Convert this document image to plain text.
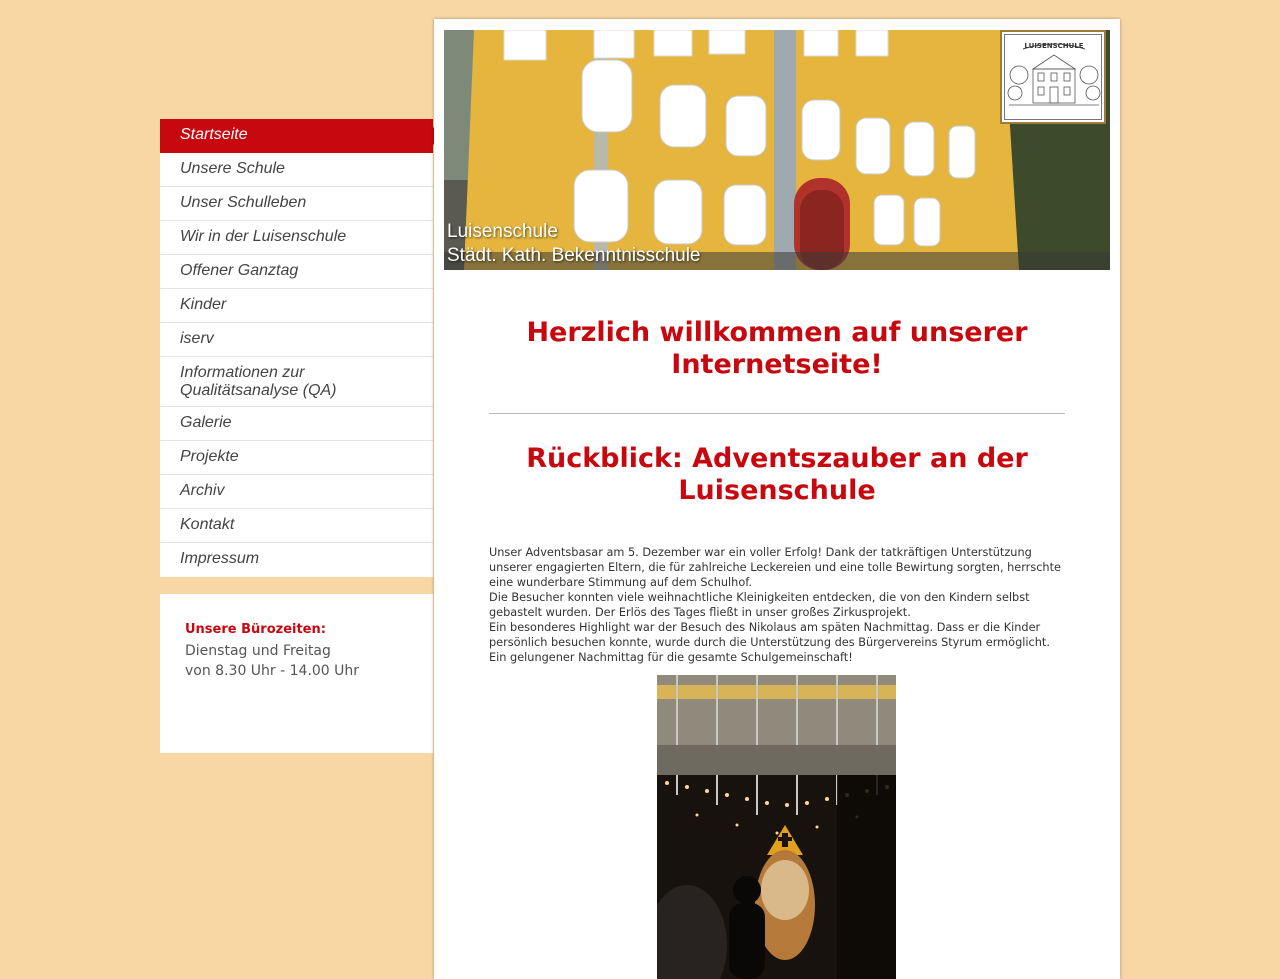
Startseite
Unsere Schule
Unser Schulleben
Wir in der Luisenschule
Offener Ganztag
Kinder
iserv
Informationen zur Qualitätsanalyse (QA)
Galerie
Projekte
Archiv
Kontakt
Impressum
Unsere Bürozeiten:
Dienstag und Freitag
von 8.30 Uhr - 14.00 Uhr
Luisenschule
Städt. Kath. Bekenntnisschule
LUISENSCHULE
Herzlich willkommen auf unserer Internetseite!
Rückblick: Adventszauber an der Luisenschule

Unser Adventsbasar am 5. Dezember war ein voller Erfolg! Dank der tatkräftigen Unterstützung unserer engagierten Eltern, die für zahlreiche Leckereien und eine tolle Bewirtung sorgten, herrschte eine wunderbare Stimmung auf dem Schulhof.

Die Besucher konnten viele weihnachtliche Kleinigkeiten entdecken, die von den Kindern selbst gebastelt wurden. Der Erlös des Tages fließt in unser großes Zirkusprojekt.

Ein besonderes Highlight war der Besuch des Nikolaus am späten Nachmittag. Dass er die Kinder persönlich besuchen konnte, wurde durch die Unterstützung des Bürgervereins Styrum ermöglicht.

Ein gelungener Nachmittag für die gesamte Schulgemeinschaft!
